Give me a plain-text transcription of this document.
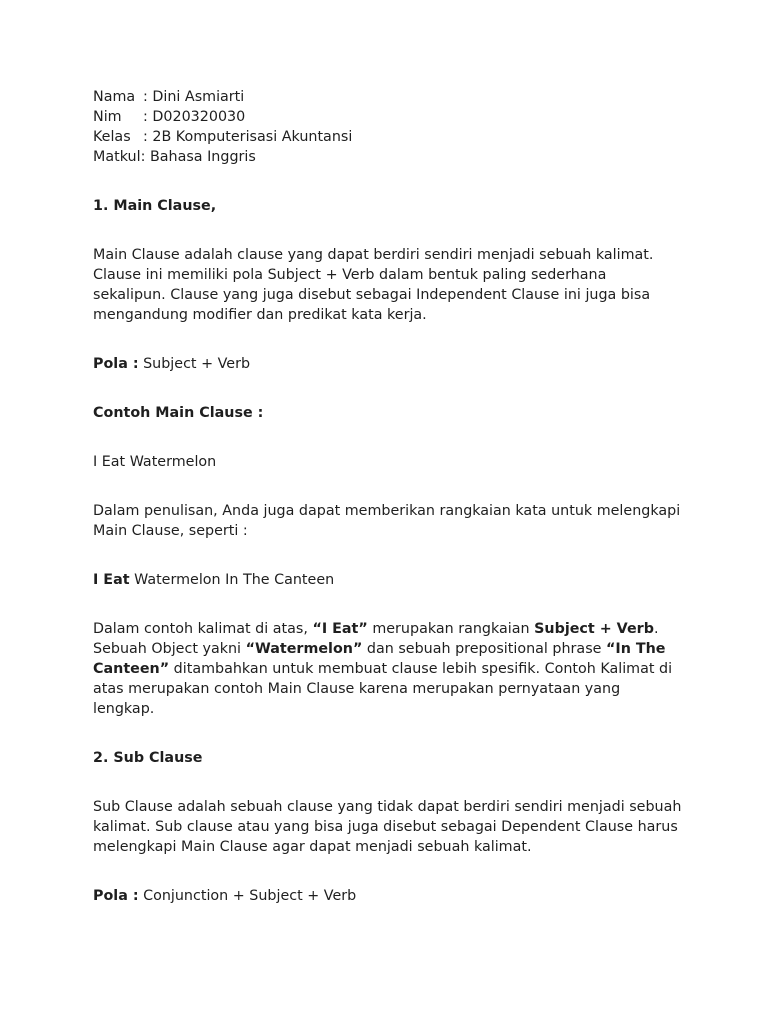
Nama : Dini Asmiarti
Nim : D020320030
Kelas : 2B Komputerisasi Akuntansi
Matkul: Bahasa Inggris

1. Main Clause,

Main Clause adalah clause yang dapat berdiri sendiri menjadi sebuah kalimat. Clause ini memiliki pola Subject + Verb dalam bentuk paling sederhana sekalipun. Clause yang juga disebut sebagai Independent Clause ini juga bisa mengandung modifier dan predikat kata kerja.

Pola : Subject + Verb

Contoh Main Clause :

I Eat Watermelon

Dalam penulisan, Anda juga dapat memberikan rangkaian kata untuk melengkapi Main Clause, seperti :

I Eat Watermelon In The Canteen

Dalam contoh kalimat di atas, “I Eat” merupakan rangkaian Subject + Verb. Sebuah Object yakni “Watermelon” dan sebuah prepositional phrase “In The Canteen” ditambahkan untuk membuat clause lebih spesifik. Contoh Kalimat di atas merupakan contoh Main Clause karena merupakan pernyataan yang lengkap.

2. Sub Clause

Sub Clause adalah sebuah clause yang tidak dapat berdiri sendiri menjadi sebuah kalimat. Sub clause atau yang bisa juga disebut sebagai Dependent Clause harus melengkapi Main Clause agar dapat menjadi sebuah kalimat.

Pola : Conjunction + Subject + Verb
